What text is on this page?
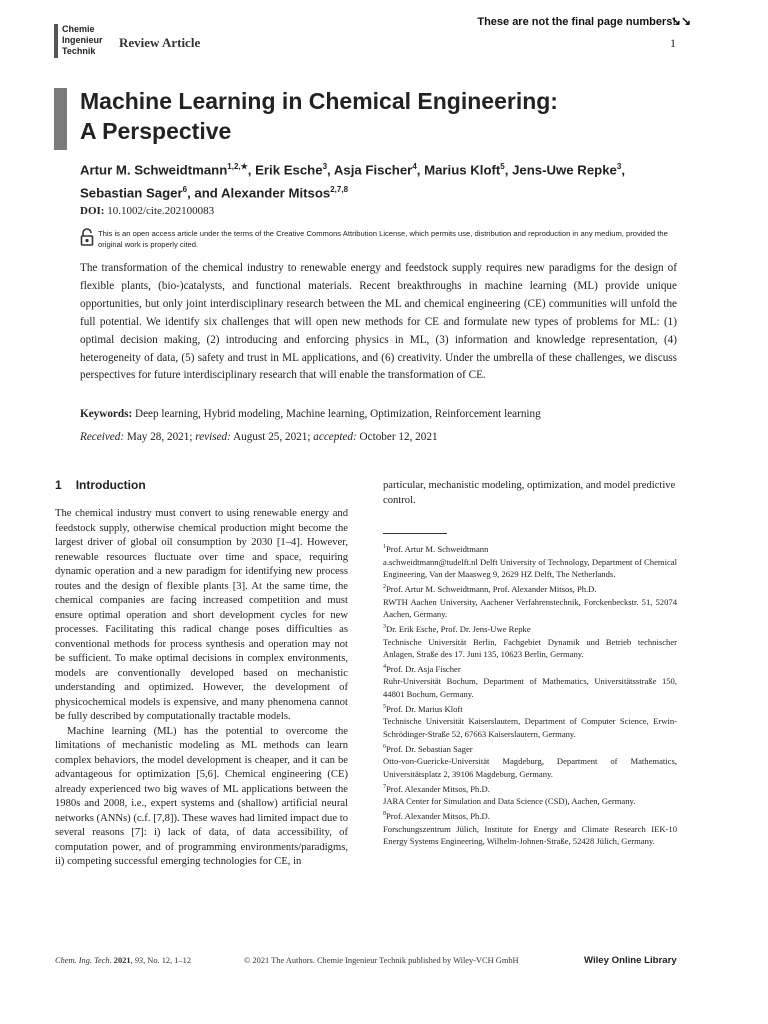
Chemie
Ingenieur
Technik
Review Article
These are not the final page numbers!
↘↘
1
Machine Learning in Chemical Engineering:
A Perspective
Artur M. Schweidtmann$^{1,2,★}$, Erik Esche$^3$, Asja Fischer$^4$, Marius Kloft$^5$, Jens-Uwe Repke$^3$,
Sebastian Sager$^6$, and Alexander Mitsos$^{2,7,8}$
DOI: 10.1002/cite.202100083
This is an open access article under the terms of the Creative Commons Attribution License, which permits use, distribution and reproduction in any medium, provided the original work is properly cited.
The transformation of the chemical industry to renewable energy and feedstock supply requires new paradigms for the design of flexible plants, (bio-)catalysts, and functional materials. Recent breakthroughs in machine learning (ML) provide unique opportunities, but only joint interdisciplinary research between the ML and chemical engineering (CE) communities will unfold the full potential. We identify six challenges that will open new methods for CE and formulate new types of problems for ML: (1) optimal decision making, (2) introducing and enforcing physics in ML, (3) information and knowledge representation, (4) heterogeneity of data, (5) safety and trust in ML applications, and (6) creativity. Under the umbrella of these challenges, we discuss perspectives for future interdisciplinary research that will enable the transformation of CE.
Keywords: Deep learning, Hybrid modeling, Machine learning, Optimization, Reinforcement learning
Received: May 28, 2021; revised: August 25, 2021; accepted: October 12, 2021
1 Introduction

The chemical industry must convert to using renewable energy and feedstock supply, otherwise chemical production might become the largest driver of global oil consumption by 2030 [1–4]. However, renewable resources fluctuate over time and space, requiring dynamic operation and a new paradigm for identifying new process routes and the design of flexible plants [3]. At the same time, the chemical companies are facing increased competition and must ensure optimal operation and short development cycles for new processes. Facilitating this radical change poses difficulties as conventional methods for process synthesis and operation may not be sufficient. To make optimal decisions in complex environments, models are conventionally developed based on mechanistic understanding and optimized. However, the development of physicochemical models is expensive, and many phenomena cannot be fully described by computationally tractable models.

Machine learning (ML) has the potential to overcome the limitations of mechanistic modeling as ML methods can learn complex behaviors, the model development is cheaper, and it can be advantageous for optimization [5,6]. Chemical engineering (CE) already experienced two big waves of ML applications between the 1980s and 2008, i.e., expert systems and (shallow) artificial neural networks (ANNs) (c.f. [7,8]). These waves had limited impact due to several reasons [7]: i) lack of data, of data accessibility, of computation power, and of programming environments/paradigms, ii) competing successful emerging technologies for CE, in

particular, mechanistic modeling, optimization, and model predictive control.
$^1$Prof. Artur M. Schweidtmann
a.schweidtmann@tudelft.nl Delft University of Technology, Department of Chemical Engineering, Van der Maasweg 9, 2629 HZ Delft, The Netherlands.
$^2$Prof. Artur M. Schweidtmann, Prof. Alexander Mitsos, Ph.D.
RWTH Aachen University, Aachener Verfahrenstechnik, Forckenbeckstr. 51, 52074 Aachen, Germany.
$^3$Dr. Erik Esche, Prof. Dr. Jens-Uwe Repke
Technische Universität Berlin, Fachgebiet Dynamik und Betrieb technischer Anlagen, Straße des 17. Juni 135, 10623 Berlin, Germany.
$^4$Prof. Dr. Asja Fischer
Ruhr-Universität Bochum, Department of Mathematics, Universitätsstraße 150, 44801 Bochum, Germany.
$^5$Prof. Dr. Marius Kloft
Technische Universität Kaiserslautern, Department of Computer Science, Erwin-Schrödinger-Straße 52, 67663 Kaiserslautern, Germany.
$^6$Prof. Dr. Sebastian Sager
Otto-von-Guericke-Universität Magdeburg, Department of Mathematics, Universitätsplatz 2, 39106 Magdeburg, Germany.
$^7$Prof. Alexander Mitsos, Ph.D.
JARA Center for Simulation and Data Science (CSD), Aachen, Germany.
$^8$Prof. Alexander Mitsos, Ph.D.
Forschungszentrum Jülich, Institute for Energy and Climate Research IEK-10 Energy Systems Engineering, Wilhelm-Johnen-Straße, 52428 Jülich, Germany.
Chem. Ing. Tech. 2021, 93, No. 12, 1–12	© 2021 The Authors. Chemie Ingenieur Technik published by Wiley-VCH GmbH	Wiley Online Library
